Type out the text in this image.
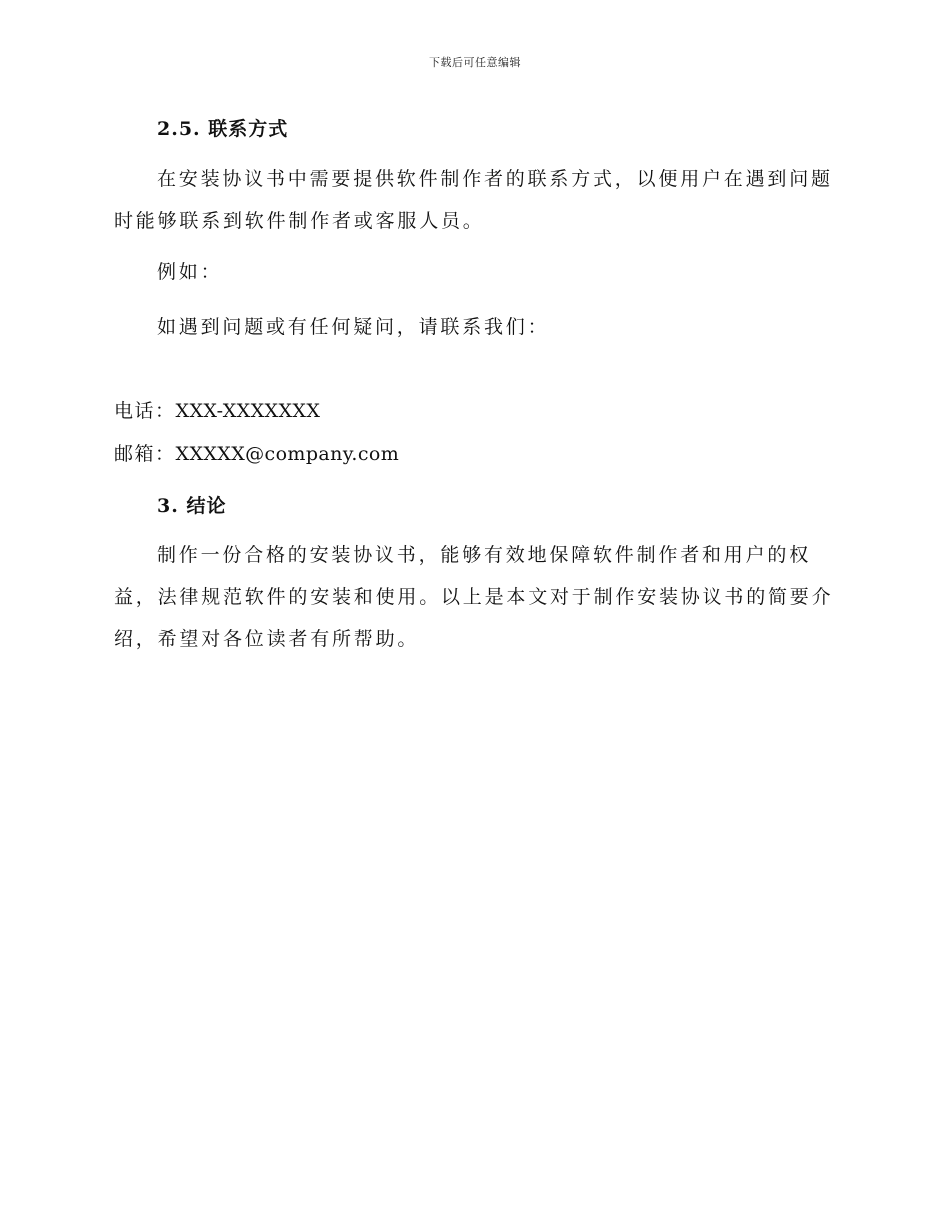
下载后可任意编辑
2.5. 联系方式
在安装协议书中需要提供软件制作者的联系方式，以便用户在遇到问题时能够联系到软件制作者或客服人员。
例如：
如遇到问题或有任何疑问，请联系我们：
电话：XXX-XXXXXXX
邮箱：XXXXX@company.com
3. 结论
制作一份合格的安装协议书，能够有效地保障软件制作者和用户的权益，法律规范软件的安装和使用。以上是本文对于制作安装协议书的简要介绍，希望对各位读者有所帮助。
